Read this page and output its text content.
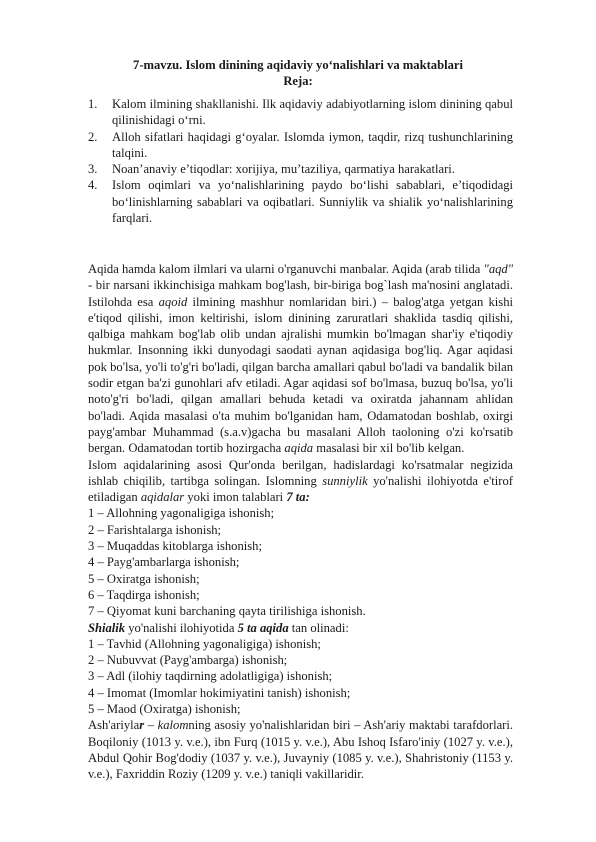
7-mavzu. Islom dinining aqidaviy yo‘nalishlari va maktablari
Reja:
1. Kalom ilmining shakllanishi. Ilk aqidaviy adabiyotlarning islom dinining qabul qilinishidagi o‘rni.
2. Alloh sifatlari haqidagi g‘oyalar. Islomda iymon, taqdir, rizq tushunchlarining talqini.
3. Noan’anaviy e’tiqodlar: xorijiya, mu’taziliya, qarmatiya harakatlari.
4. Islom oqimlari va yo‘nalishlarining paydo bo‘lishi sabablari, e’tiqodidagi bo‘linishlarning sabablari va oqibatlari. Sunniylik va shialik yo‘nalishlarining farqlari.

Aqida hamda kalom ilmlari va ularni o'rganuvchi manbalar. Aqida (arab tilida "aqd" - bir narsani ikkinchisiga mahkam bog'lash, bir-biriga bog`lash ma'nosini anglatadi. Istilohda esa aqoid ilmining mashhur nomlaridan biri.) – balog'atga yetgan kishi e'tiqod qilishi, imon keltirishi, islom dinining zaruratlari shaklida tasdiq qilishi, qalbiga mahkam bog'lab olib undan ajralishi mumkin bo'lmagan shar'iy e'tiqodiy hukmlar. Insonning ikki dunyodagi saodati aynan aqidasiga bog'liq. Agar aqidasi pok bo'lsa, yo'li to'g'ri bo'ladi, qilgan barcha amallari qabul bo'ladi va bandalik bilan sodir etgan ba'zi gunohlari afv etiladi. Agar aqidasi sof bo'lmasa, buzuq bo'lsa, yo'li noto'g'ri bo'ladi, qilgan amallari behuda ketadi va oxiratda jahannam ahlidan bo'ladi. Aqida masalasi o'ta muhim bo'lganidan ham, Odamatodan boshlab, oxirgi payg'ambar Muhammad (s.a.v)gacha bu masalani Alloh taoloning o'zi ko'rsatib bergan. Odamatodan tortib hozirgacha aqida masalasi bir xil bo'lib kelgan.

Islom aqidalarining asosi Qur'onda berilgan, hadislardagi ko'rsatmalar negizida ishlab chiqilib, tartibga solingan. Islomning sunniylik yo'nalishi ilohiyotda e'tirof etiladigan aqidalar yoki imon talablari 7 ta:

1 – Allohning yagonaligiga ishonish;
2 – Farishtalarga ishonish;
3 – Muqaddas kitoblarga ishonish;
4 – Payg'ambarlarga ishonish;
5 – Oxiratga ishonish;
6 – Taqdirga ishonish;
7 – Qiyomat kuni barchaning qayta tirilishiga ishonish.

Shialik yo'nalishi ilohiyotida 5 ta aqida tan olinadi:

1 – Tavhid (Allohning yagonaligiga) ishonish;
2 – Nubuvvat (Payg'ambarga) ishonish;
3 – Adl (ilohiy taqdirning adolatligiga) ishonish;
4 – Imomat (Imomlar hokimiyatini tanish) ishonish;
5 – Maod (Oxiratga) ishonish;

Ash'ariylar – kalomning asosiy yo'nalishlaridan biri – Ash'ariy maktabi tarafdorlari. Boqiloniy (1013 y. v.e.), ibn Furq (1015 y. v.e.), Abu Ishoq Isfaro'iniy (1027 y. v.e.), Abdul Qohir Bog'dodiy (1037 y. v.e.), Juvayniy (1085 y. v.e.), Shahristoniy (1153 y. v.e.), Faxriddin Roziy (1209 y. v.e.) taniqli vakillaridir.
